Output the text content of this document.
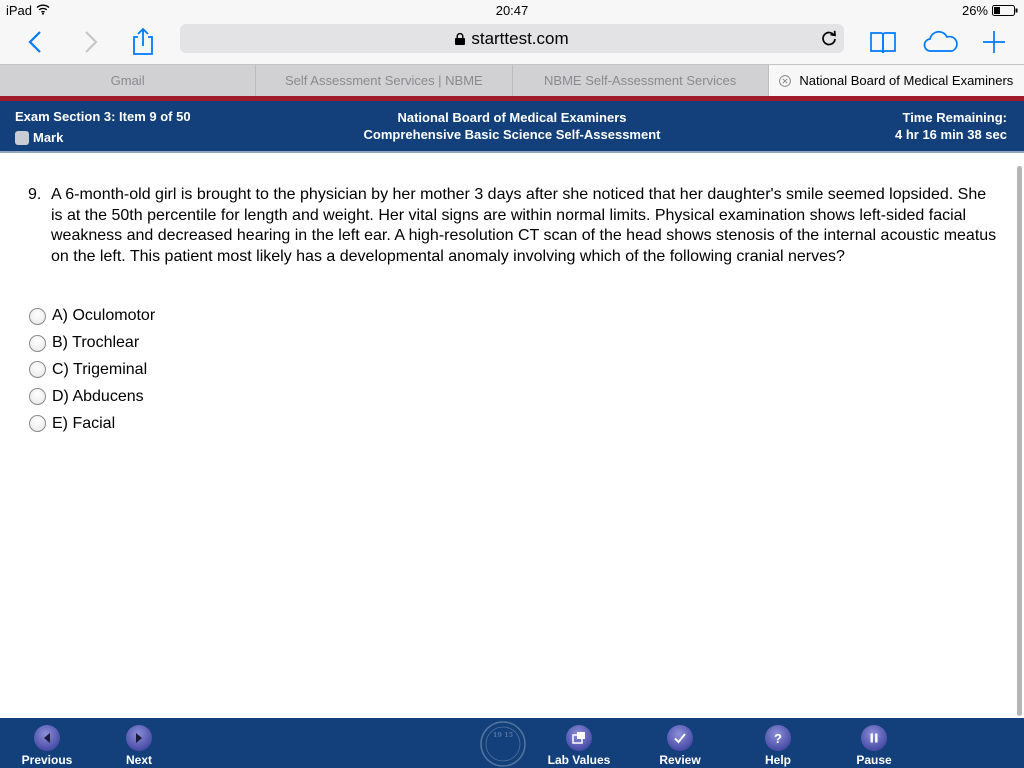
iPad	20:47	26%
starttest.com
Gmail	Self Assessment Services | NBME	NBME Self-Assessment Services	National Board of Medical Examiners
Exam Section 3: Item 9 of 50
Mark
National Board of Medical Examiners
Comprehensive Basic Science Self-Assessment
Time Remaining:
4 hr 16 min 38 sec
9. A 6-month-old girl is brought to the physician by her mother 3 days after she noticed that her daughter's smile seemed lopsided. She is at the 50th percentile for length and weight. Her vital signs are within normal limits. Physical examination shows left-sided facial weakness and decreased hearing in the left ear. A high-resolution CT scan of the head shows stenosis of the internal acoustic meatus on the left. This patient most likely has a developmental anomaly involving which of the following cranial nerves?
A) Oculomotor
B) Trochlear
C) Trigeminal
D) Abducens
E) Facial
Previous	Next
19 15
Lab Values	Review
?
Help	Pause
